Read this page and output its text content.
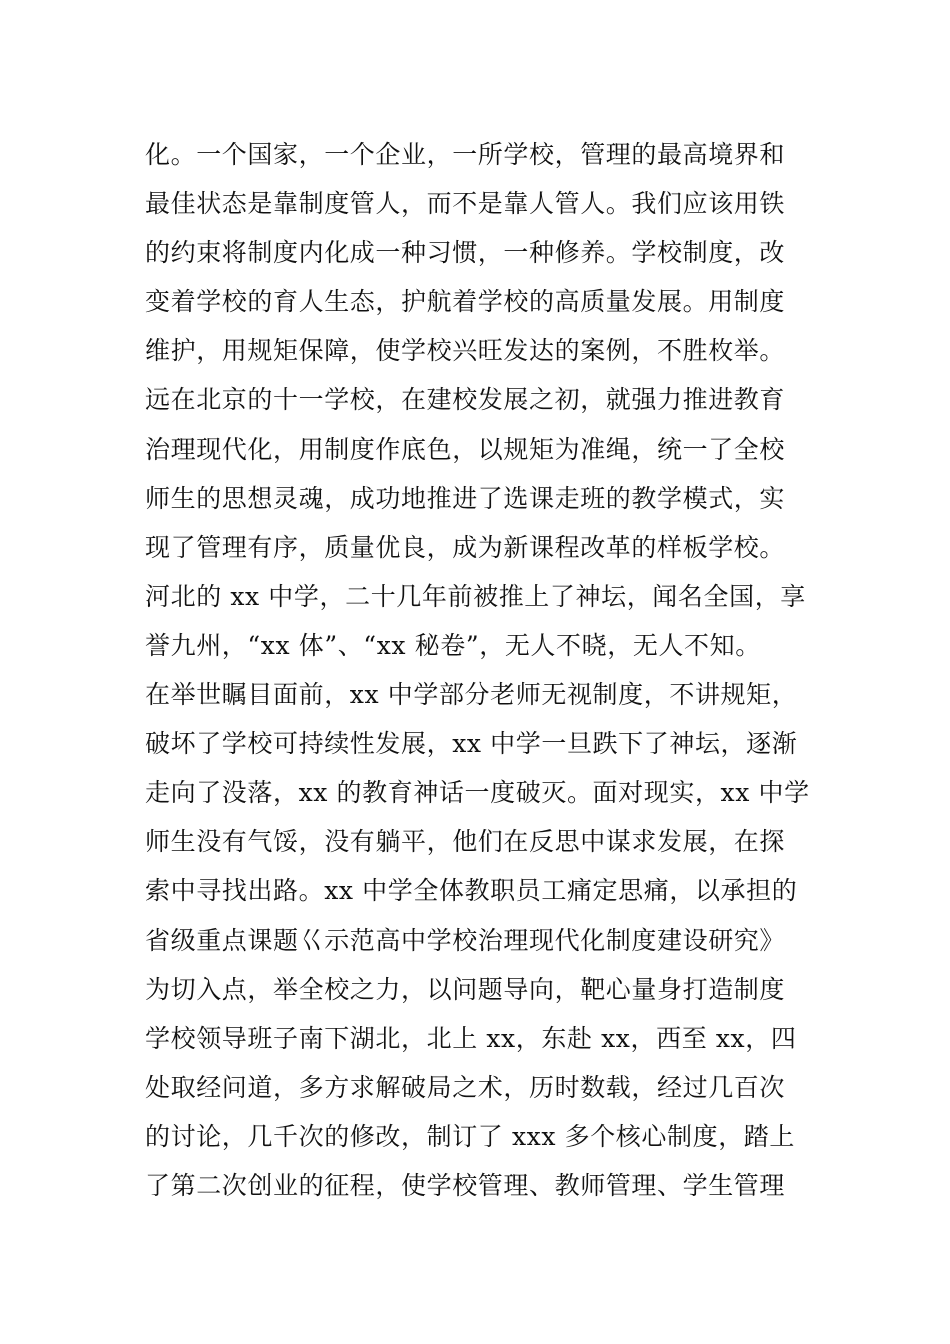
化。一个国家，一个企业，一所学校，管理的最高境界和
最佳状态是靠制度管人，而不是靠人管人。我们应该用铁
的约束将制度内化成一种习惯，一种修养。学校制度，改
变着学校的育人生态，护航着学校的高质量发展。用制度
维护，用规矩保障，使学校兴旺发达的案例，不胜枚举。
远在北京的十一学校，在建校发展之初，就强力推进教育
治理现代化，用制度作底色，以规矩为准绳，统一了全校
师生的思想灵魂，成功地推进了选课走班的教学模式，实
现了管理有序，质量优良，成为新课程改革的样板学校。
河北的 xx 中学，二十几年前被推上了神坛，闻名全国，享
誉九州，“xx 体”、“xx 秘卷”，无人不晓，无人不知。
在举世瞩目面前，xx 中学部分老师无视制度，不讲规矩，
破坏了学校可持续性发展，xx 中学一旦跌下了神坛，逐渐
走向了没落，xx 的教育神话一度破灭。面对现实，xx 中学
师生没有气馁，没有躺平，他们在反思中谋求发展，在探
索中寻找出路。xx 中学全体教职员工痛定思痛，以承担的
省级重点课题巜示范高中学校治理现代化制度建设研究》
为切入点，举全校之力，以问题导向，靶心量身打造制度
学校领导班子南下湖北，北上 xx，东赴 xx，西至 xx，四
处取经问道，多方求解破局之术，历时数载，经过几百次
的讨论，几千次的修改，制订了 xxx 多个核心制度，踏上
了第二次创业的征程，使学校管理、教师管理、学生管理
